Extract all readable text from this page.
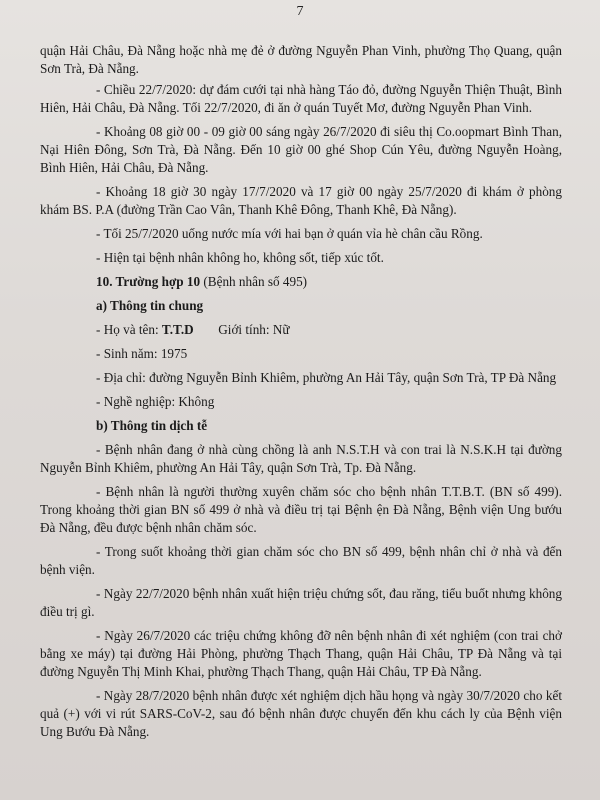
7

quận Hải Châu, Đà Nẵng hoặc nhà mẹ đẻ ở đường Nguyễn Phan Vinh, phường Thọ Quang, quận Sơn Trà, Đà Nẵng.

- Chiều 22/7/2020: dự đám cưới tại nhà hàng Táo đỏ, đường Nguyễn Thiện Thuật, Bình Hiên, Hải Châu, Đà Nẵng. Tối 22/7/2020, đi ăn ở quán Tuyết Mơ, đường Nguyễn Phan Vinh.

- Khoảng 08 giờ 00 - 09 giờ 00 sáng ngày 26/7/2020 đi siêu thị Co.oopmart Bình Than, Nại Hiên Đông, Sơn Trà, Đà Nẵng. Đến 10 giờ 00 ghé Shop Cún Yêu, đường Nguyễn Hoàng, Bình Hiên, Hải Châu, Đà Nẵng.

- Khoảng 18 giờ 30 ngày 17/7/2020 và 17 giờ 00 ngày 25/7/2020 đi khám ở phòng khám BS. P.A (đường Trần Cao Vân, Thanh Khê Đông, Thanh Khê, Đà Nẵng).

- Tối 25/7/2020 uống nước mía với hai bạn ở quán vỉa hè chân cầu Rồng.

- Hiện tại bệnh nhân không ho, không sốt, tiếp xúc tốt.

10. Trường hợp 10 (Bệnh nhân số 495)

a) Thông tin chung

- Họ và tên: T.T.D Giới tính: Nữ

- Sinh năm: 1975

- Địa chỉ: đường Nguyễn Bỉnh Khiêm, phường An Hải Tây, quận Sơn Trà, TP Đà Nẵng

- Nghề nghiệp: Không

b) Thông tin dịch tễ

- Bệnh nhân đang ở nhà cùng chồng là anh N.S.T.H và con trai là N.S.K.H tại đường Nguyễn Bỉnh Khiêm, phường An Hải Tây, quận Sơn Trà, Tp. Đà Nẵng.

- Bệnh nhân là người thường xuyên chăm sóc cho bệnh nhân T.T.B.T. (BN số 499). Trong khoảng thời gian BN số 499 ở nhà và điều trị tại Bệnh ện Đà Nẵng, Bệnh viện Ung bướu Đà Nẵng, đều được bệnh nhân chăm sóc.

- Trong suốt khoảng thời gian chăm sóc cho BN số 499, bệnh nhân chỉ ở nhà và đến bệnh viện.

- Ngày 22/7/2020 bệnh nhân xuất hiện triệu chứng sốt, đau răng, tiểu buốt nhưng không điều trị gì.

- Ngày 26/7/2020 các triệu chứng không đỡ nên bệnh nhân đi xét nghiệm (con trai chở bằng xe máy) tại đường Hải Phòng, phường Thạch Thang, quận Hải Châu, TP Đà Nẵng và tại đường Nguyễn Thị Minh Khai, phường Thạch Thang, quận Hải Châu, TP Đà Nẵng.

- Ngày 28/7/2020 bệnh nhân được xét nghiệm dịch hầu họng và ngày 30/7/2020 cho kết quả (+) với vi rút SARS-CoV-2, sau đó bệnh nhân được chuyển đến khu cách ly của Bệnh viện Ung Bướu Đà Nẵng.
